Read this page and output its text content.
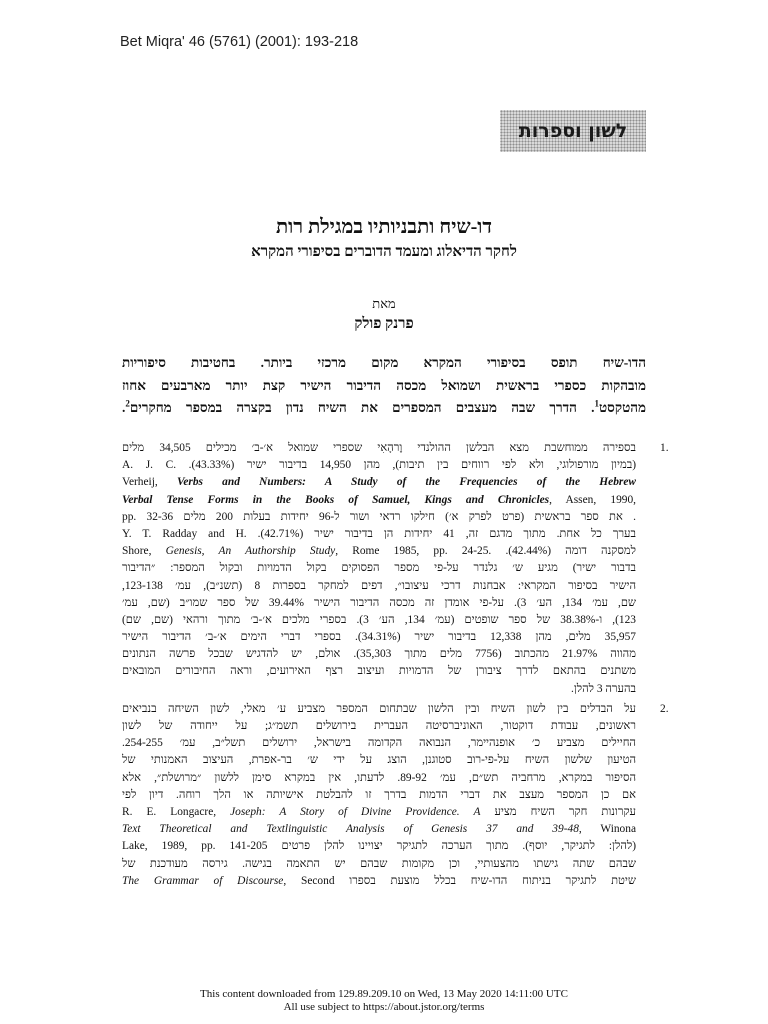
Bet Miqra' 46 (5761) (2001): 193-218
לשון וספרות
דו-שיח ותבניותיו במגילת רות
לחקר הדיאלוג ומעמד הדוברים בסיפורי המקרא
מאת
פרנק פולק
הדו-שיח תופס בסיפורי המקרא מקום מרכזי ביותר. בחטיבות סיפוריות
מובהקות כספרי בראשית ושמואל מכסה הדיבור הישיר קצת יותר מארבעים אחוז
מהטקסט$^1$. הדרך שבה מעצבים המספרים את השיח נדון בקצרה במספר מחקרים$^2$.
1.
בספירה ממוחשבת מצא הבלשן ההולנדי וֶרהָאִי שספרי שמואל א׳-ב׳ מכילים 34,505 מלים
(במיון מורפולוגי, ולא לפי רווחים בין תיבות), מהן 14,950 בדיבור ישיר (43.33%). A. J. C.
Verheij, Verbs and Numbers: A Study of the Frequencies of the Hebrew
Verbal Tense Forms in the Books of Samuel, Kings and Chronicles, Assen, 1990,
. את ספר בראשית (פרט לפרק א׳) חילקו רדאי ושור ל-96 יחידות בעלות 200 מלים pp. 32-36
בערך כל אחת. מתוך מדגם זה, 41 יחידות הן בדיבור ישיר (42.71%). Y. T. Radday and H.
למסקנה דומה (42.44%). Shore, Genesis, An Authorship Study, Rome 1985, pp. 24-25.
בדבור ישיר) מגיע ש׳ גלנדר על-פי מספר הפסוקים בקול הדמויות ובקול המספר: ״הדיבור
הישיר בסיפור המקראי: אבחנות דרכי עיצובו״, דפים למחקר בספרות 8 (תשנ״ב), עמ׳ 123-138,
שם, עמ׳ 134, הע׳ 3). על-פי אומדן זה מכסה הדיבור הישיר 39.44% של ספר שמו״ב (שם, עמ׳
123), ו-38.38% של ספר שופטים (עמ׳ 134, הע׳ 3). בספרי מלכים א׳-ב׳ מתוך ורהאי (שם, שם)
35,957 מלים, מהן 12,338 בדיבור ישיר (34.31%). בספרי דברי הימים א׳-ב׳ הדיבור הישיר
מהווה 21.97% מהכתוב (7756 מלים מתוך 35,303). אולם, יש להדגיש שבכל פרשה הנתונים
משתנים בהתאם לדרך ציבורן של הדמויות ועיצוב רצף האירועים, וראה החיבורים המובאים
בהערה 3 להלן.
2.
על הבדלים בין לשון השיח ובין הלשון שבתחום המספּר מצביע ע׳ מאלי, לשון השיחה בנביאים
ראשונים, עבודת דוקטור, האוניברסיטה העברית בירושלים תשמ״ג; על ייחודה של לשון
החיילים מצביע כ׳ אופנהיימר, הנבואה הקדומה בישראל, ירושלים תשל״ב, עמ׳ 254-255.
הטיעון שלשון השיח על-פי-רוב סטוגנן, הוצג על ידי ש׳ בר-אפרת, העיצוב האמנותי של
הסיפור במקרא, מרחביה תש״ם, עמ׳ 89-92. לדעתו, אין במקרא סימן ללשון ״מרושלת״, אלא
אם כן המספר מעצב את דברי הדמות בדרך זו להבלטת אישיותה או הלך רוחה. דיון לפי
עקרונות חקר השיח מציע R. E. Longacre, Joseph: A Story of Divine Providence. A
Text Theoretical and Textlinguistic Analysis of Genesis 37 and 39-48, Winona
(להלן: לתגיקר, יוסף). מתוך הערכה לתגיקר יצויינו להלן פרטים Lake, 1989, pp. 141-205
שבהם שתה גישתו מהצעותיי, וכן מקומות שבהם יש התאמה בגישה. גירסה מעודכנת של
שיטת לתגיקר בניתוח הדו-שיח בכלל מוצעת בספרו The Grammar of Discourse, Second
This content downloaded from 129.89.209.10 on Wed, 13 May 2020 14:11:00 UTC
All use subject to https://about.jstor.org/terms
